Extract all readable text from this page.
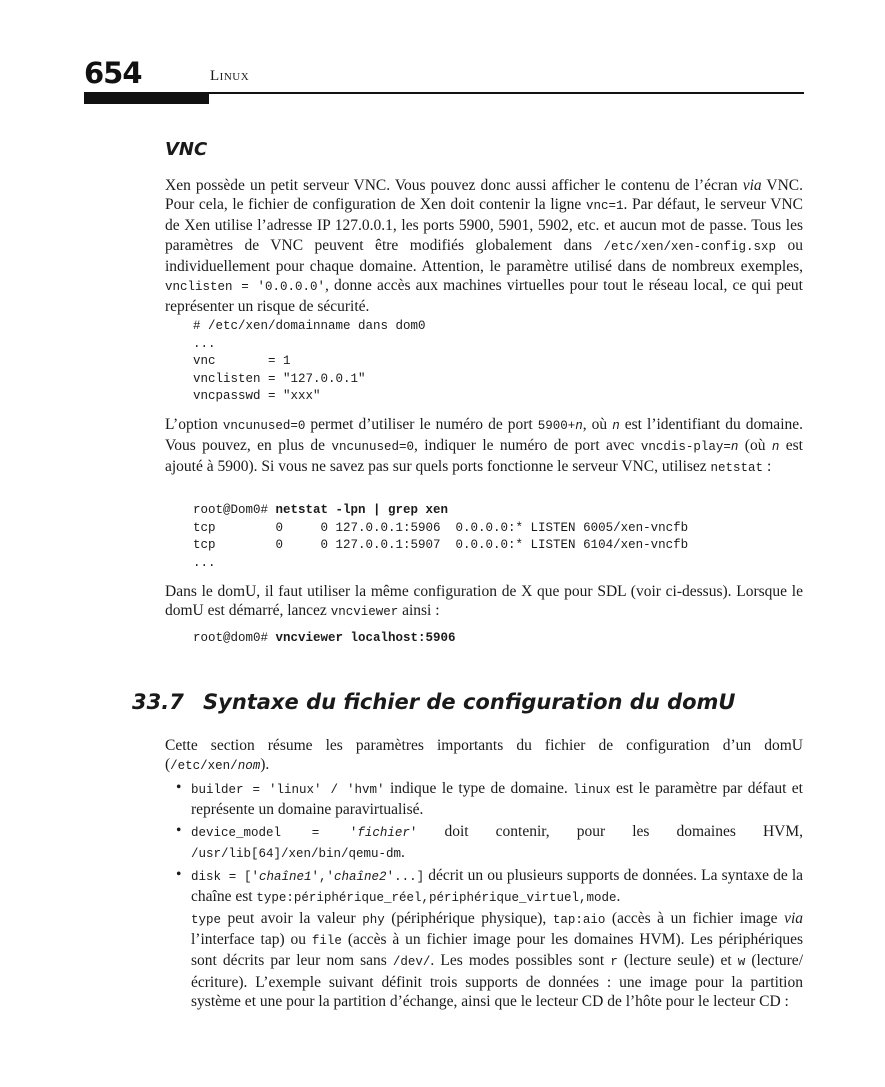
654	Linux
VNC

Xen possède un petit serveur VNC. Vous pouvez donc aussi afficher le contenu de l’écran via VNC. Pour cela, le fichier de configuration de Xen doit contenir la ligne vnc=1. Par défaut, le serveur VNC de Xen utilise l’adresse IP 127.0.0.1, les ports 5900, 5901, 5902, etc. et aucun mot de passe. Tous les paramètres de VNC peuvent être modifiés globalement dans /etc/xen/xen-config.sxp ou individuellement pour chaque domaine. Attention, le paramètre utilisé dans de nombreux exemples, vnclisten = '0.0.0.0', donne accès aux machines virtuelles pour tout le réseau local, ce qui peut représenter un risque de sécurité.

# /etc/xen/domainname dans dom0
...
vnc       = 1
vnclisten = "127.0.0.1"
vncpasswd = "xxx"

L’option vncunused=0 permet d’utiliser le numéro de port 5900+n, où n est l’identifiant du domaine. Vous pouvez, en plus de vncunused=0, indiquer le numéro de port avec vncdis-play=n (où n est ajouté à 5900). Si vous ne savez pas sur quels ports fonctionne le serveur VNC, utilisez netstat :

root@Dom0# netstat -lpn | grep xen
tcp        0     0 127.0.0.1:5906  0.0.0.0:* LISTEN 6005/xen-vncfb
tcp        0     0 127.0.0.1:5907  0.0.0.0:* LISTEN 6104/xen-vncfb
...

Dans le domU, il faut utiliser la même configuration de X que pour SDL (voir ci-dessus). Lorsque le domU est démarré, lancez vncviewer ainsi :

root@dom0# vncviewer localhost:5906
33.7 Syntaxe du fichier de configuration du domU

Cette section résume les paramètres importants du fichier de configuration d’un domU (/etc/xen/nom).

• builder = 'linux' / 'hvm' indique le type de domaine. linux est le paramètre par défaut et représente un domaine paravirtualisé.

• device_model = 'fichier' doit contenir, pour les domaines HVM, /usr/lib[64]/xen/bin/qemu-dm.

• disk = ['chaîne1','chaîne2'...] décrit un ou plusieurs supports de données. La syntaxe de la chaîne est type:périphérique_réel,périphérique_virtuel,mode.

type peut avoir la valeur phy (périphérique physique), tap:aio (accès à un fichier image via l’interface tap) ou file (accès à un fichier image pour les domaines HVM). Les périphériques sont décrits par leur nom sans /dev/. Les modes possibles sont r (lecture seule) et w (lecture/écriture). L’exemple suivant définit trois supports de données : une image pour la partition système et une pour la partition d’échange, ainsi que le lecteur CD de l’hôte pour le lecteur CD :
